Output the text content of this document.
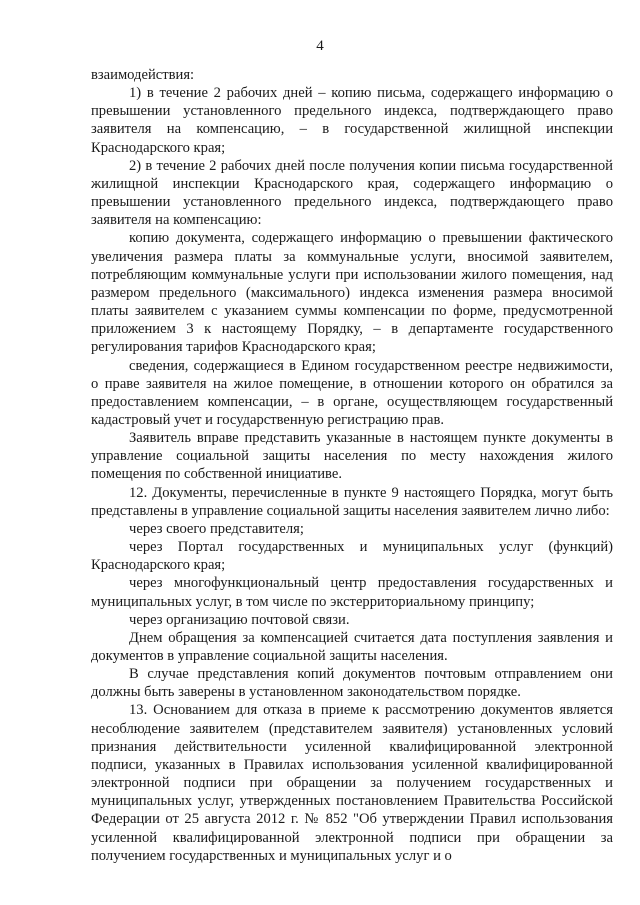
4

взаимодействия:

1) в течение 2 рабочих дней – копию письма, содержащего информацию о превышении установленного предельного индекса, подтверждающего право заявителя на компенсацию, – в государственной жилищной инспекции Краснодарского края;

2) в течение 2 рабочих дней после получения копии письма государственной жилищной инспекции Краснодарского края, содержащего информацию о превышении установленного предельного индекса, подтверждающего право заявителя на компенсацию:

копию документа, содержащего информацию о превышении фактического увеличения размера платы за коммунальные услуги, вносимой заявителем, потребляющим коммунальные услуги при использовании жилого помещения, над размером предельного (максимального) индекса изменения размера вносимой платы заявителем с указанием суммы компенсации по форме, предусмотренной приложением 3 к настоящему Порядку, – в департаменте государственного регулирования тарифов Краснодарского края;

сведения, содержащиеся в Едином государственном реестре недвижимости, о праве заявителя на жилое помещение, в отношении которого он обратился за предоставлением компенсации, – в органе, осуществляющем государственный кадастровый учет и государственную регистрацию прав.

Заявитель вправе представить указанные в настоящем пункте документы в управление социальной защиты населения по месту нахождения жилого помещения по собственной инициативе.

12. Документы, перечисленные в пункте 9 настоящего Порядка, могут быть представлены в управление социальной защиты населения заявителем лично либо:

через своего представителя;

через Портал государственных и муниципальных услуг (функций) Краснодарского края;

через многофункциональный центр предоставления государственных и муниципальных услуг, в том числе по экстерриториальному принципу;

через организацию почтовой связи.

Днем обращения за компенсацией считается дата поступления заявления и документов в управление социальной защиты населения.

В случае представления копий документов почтовым отправлением они должны быть заверены в установленном законодательством порядке.

13. Основанием для отказа в приеме к рассмотрению документов является несоблюдение заявителем (представителем заявителя) установленных условий признания действительности усиленной квалифицированной электронной подписи, указанных в Правилах использования усиленной квалифицированной электронной подписи при обращении за получением государственных и муниципальных услуг, утвержденных постановлением Правительства Российской Федерации от 25 августа 2012 г. № 852 "Об утверждении Правил использования усиленной квалифицированной электронной подписи при обращении за получением государственных и муниципальных услуг и о
